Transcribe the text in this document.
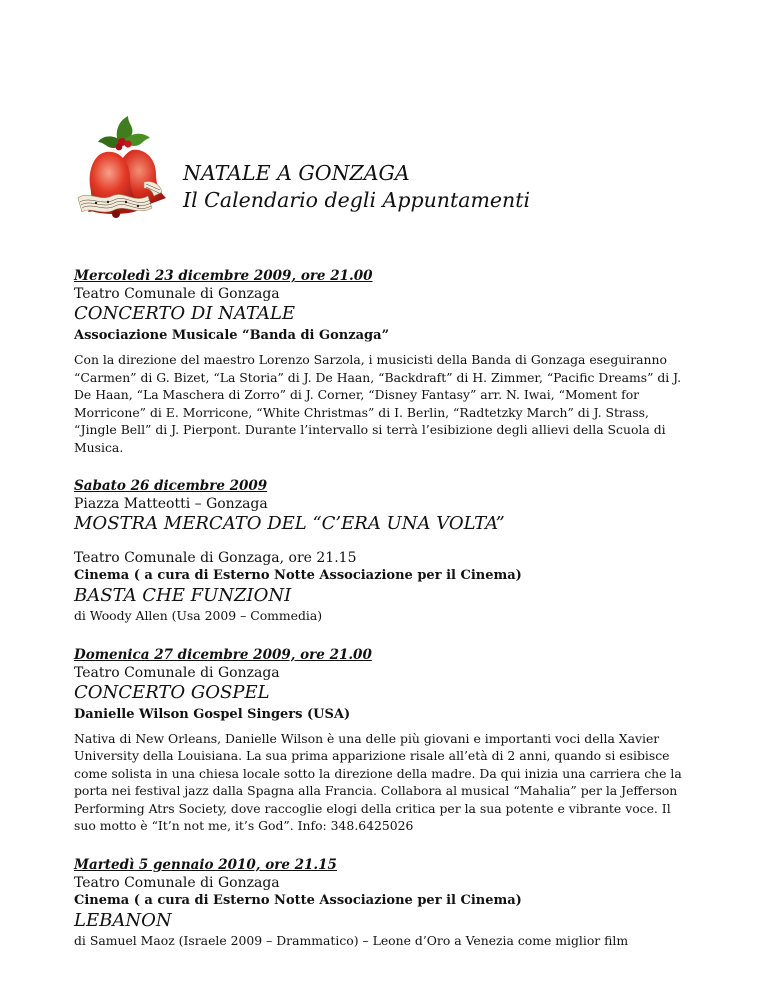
NATALE A GONZAGA
Il Calendario degli Appuntamenti

Mercoledì 23 dicembre 2009, ore 21.00

Teatro Comunale di Gonzaga

CONCERTO DI NATALE

Associazione Musicale “Banda di Gonzaga”

Con la direzione del maestro Lorenzo Sarzola, i musicisti della Banda di Gonzaga eseguiranno “Carmen” di G. Bizet, “La Storia” di J. De Haan, “Backdraft” di H. Zimmer, “Pacific Dreams” di J. De Haan, “La Maschera di Zorro” di J. Corner, “Disney Fantasy” arr. N. Iwai, “Moment for Morricone” di E. Morricone, “White Christmas” di I. Berlin, “Radtetzky March” di J. Strass, “Jingle Bell” di J. Pierpont. Durante l’intervallo si terrà l’esibizione degli allievi della Scuola di Musica.

Sabato 26 dicembre 2009

Piazza Matteotti – Gonzaga

MOSTRA MERCATO DEL “C’ERA UNA VOLTA”

Teatro Comunale di Gonzaga, ore 21.15

Cinema ( a cura di Esterno Notte Associazione per il Cinema)

BASTA CHE FUNZIONI

di Woody Allen (Usa 2009 – Commedia)

Domenica 27 dicembre 2009, ore 21.00

Teatro Comunale di Gonzaga

CONCERTO GOSPEL

Danielle Wilson Gospel Singers (USA)

Nativa di New Orleans, Danielle Wilson è una delle più giovani e importanti voci della Xavier University della Louisiana. La sua prima apparizione risale all’età di 2 anni, quando si esibisce come solista in una chiesa locale sotto la direzione della madre. Da qui inizia una carriera che la porta nei festival jazz dalla Spagna alla Francia. Collabora al musical “Mahalia” per la Jefferson Performing Atrs Society, dove raccoglie elogi della critica per la sua potente e vibrante voce. Il suo motto è “It’n not me, it’s God”. Info: 348.6425026

Martedì 5 gennaio 2010, ore 21.15

Teatro Comunale di Gonzaga

Cinema ( a cura di Esterno Notte Associazione per il Cinema)

LEBANON

di Samuel Maoz (Israele 2009 – Drammatico) – Leone d’Oro a Venezia come miglior film
